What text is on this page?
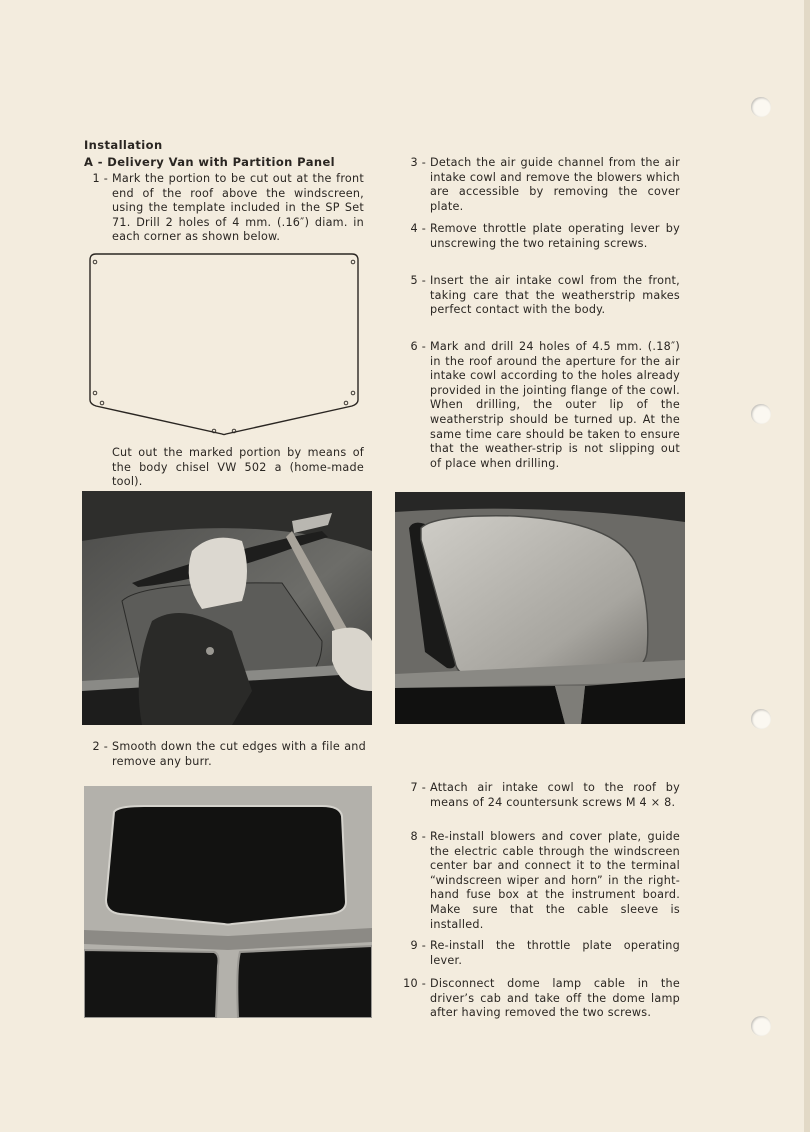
Installation
A - Delivery Van with Partition Panel
1 - Mark the portion to be cut out at the front end of the roof above the windscreen, using the template included in the SP Set 71. Drill 2 holes of 4 mm. (.16″) diam. in each corner as shown below.
Cut out the marked portion by means of the body chisel VW 502 a (home-made tool).
3 - Detach the air guide channel from the air intake cowl and remove the blowers which are accessible by removing the cover plate.
4 - Remove throttle plate operating lever by unscrewing the two retaining screws.
5 - Insert the air intake cowl from the front, taking care that the weatherstrip makes perfect contact with the body.
6 - Mark and drill 24 holes of 4.5 mm. (.18″) in the roof around the aperture for the air intake cowl according to the holes already provided in the jointing flange of the cowl. When drilling, the outer lip of the weatherstrip should be turned up. At the same time care should be taken to ensure that the weather-strip is not slipping out of place when drilling.
2 - Smooth down the cut edges with a file and remove any burr.
7 - Attach air intake cowl to the roof by means of 24 countersunk screws M 4 × 8.
8 - Re-install blowers and cover plate, guide the electric cable through the windscreen center bar and connect it to the terminal “windscreen wiper and horn” in the right-hand fuse box at the instrument board. Make sure that the cable sleeve is installed.
9 - Re-install the throttle plate operating lever.
10 - Disconnect dome lamp cable in the driver’s cab and take off the dome lamp after having removed the two screws.
